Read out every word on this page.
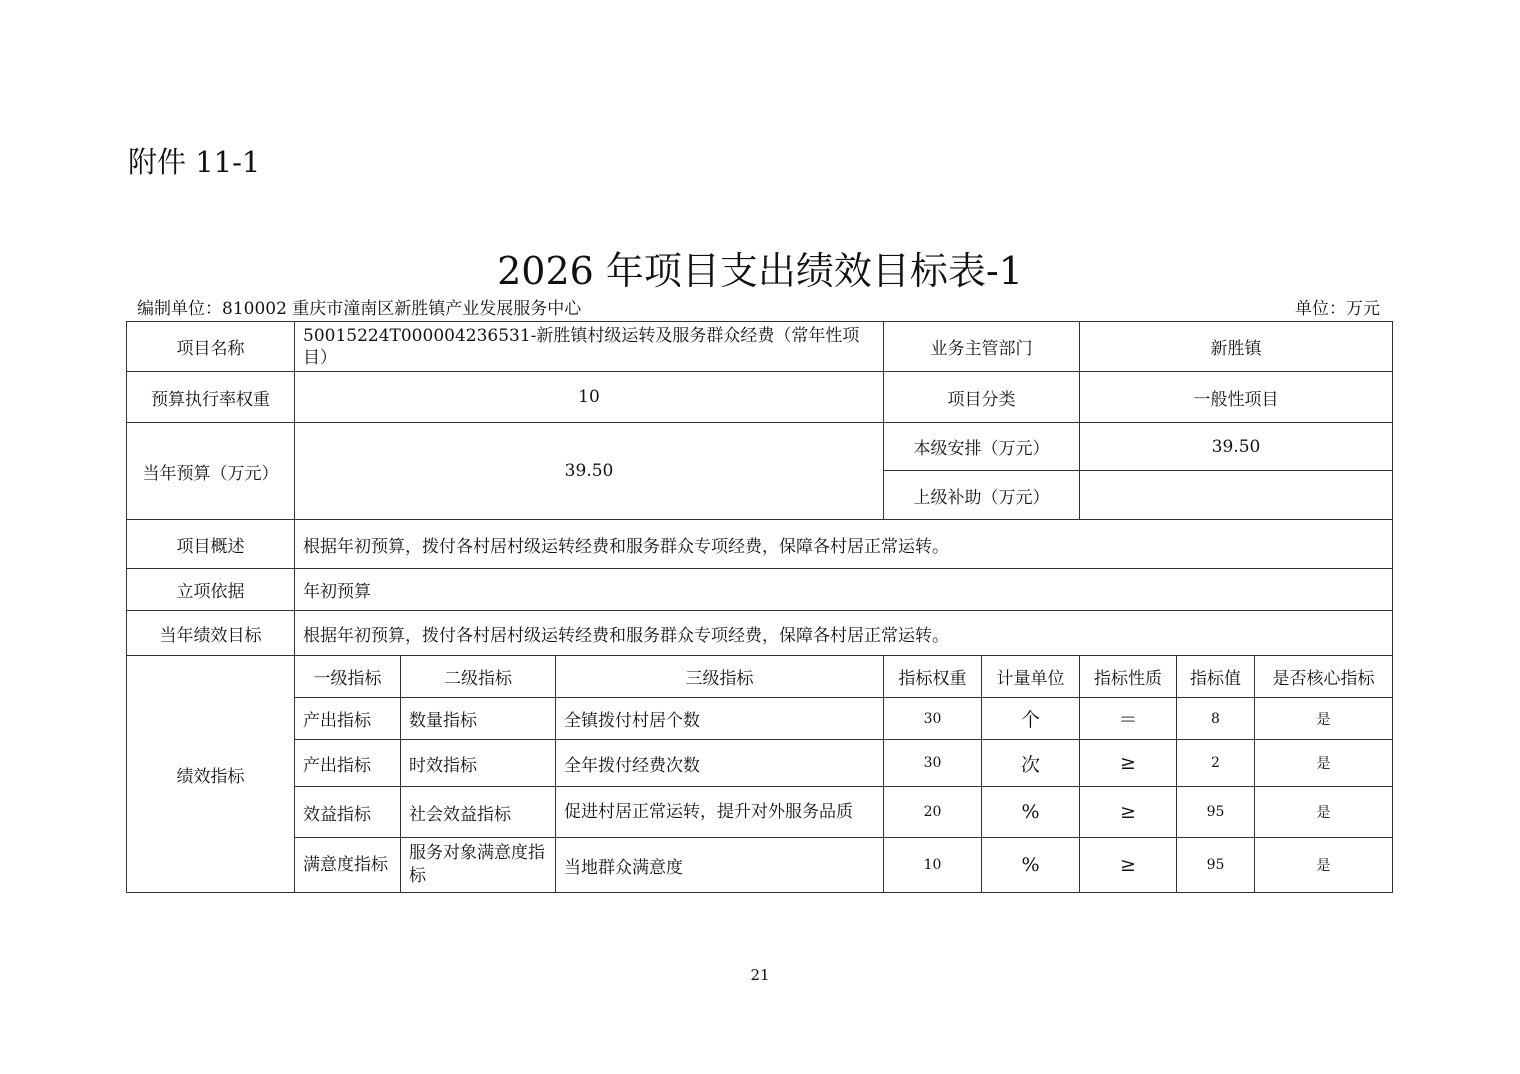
附件 11-1
2026 年项目支出绩效目标表-1
编制单位：810002 重庆市潼南区新胜镇产业发展服务中心	单位：万元
项目名称	50015224T000004236531-新胜镇村级运转及服务群众经费（常年性项目）			业务主管部门		新胜镇		
预算执行率权重	10			项目分类		一般性项目		
当年预算（万元）	39.50			本级安排（万元）		39.50		
				上级补助（万元）				
项目概述	根据年初预算，拨付各村居村级运转经费和服务群众专项经费，保障各村居正常运转。							
立项依据	年初预算							
当年绩效目标	根据年初预算，拨付各村居村级运转经费和服务群众专项经费，保障各村居正常运转。							
绩效指标	一级指标	二级指标	三级指标	指标权重	计量单位	指标性质	指标值	是否核心指标
	产出指标	数量指标	全镇拨付村居个数	30	个	＝	8	是
	产出指标	时效指标	全年拨付经费次数	30	次	≥	2	是
	效益指标	社会效益指标	促进村居正常运转，提升对外服务品质	20	%	≥	95	是
	满意度指标	服务对象满意度指标	当地群众满意度	10	%	≥	95	是
21
